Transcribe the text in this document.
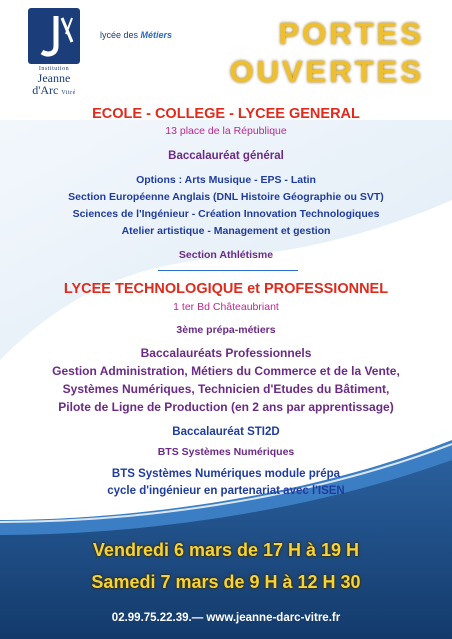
Institution
Jeanne
d'Arc Vitré
lycée des Métiers	PORTES
OUVERTES
ECOLE - COLLEGE - LYCEE GENERAL
13 place de la République
Baccalauréat général
Options : Arts Musique - EPS - Latin
Section Européenne Anglais (DNL Histoire Géographie ou SVT)
Sciences de l'Ingénieur - Création Innovation Technologiques
Atelier artistique - Management et gestion
Section Athlétisme
LYCEE TECHNOLOGIQUE et PROFESSIONNEL
1 ter Bd Châteaubriant
3ème prépa-métiers
Baccalauréats Professionnels
Gestion Administration, Métiers du Commerce et de la Vente,
Systèmes Numériques, Technicien d'Etudes du Bâtiment,
Pilote de Ligne de Production (en 2 ans par apprentissage)
Baccalauréat STI2D
BTS Systèmes Numériques
BTS Systèmes Numériques module prépa
cycle d'ingénieur en partenariat avec l'ISEN
Vendredi 6 mars de 17 H à 19 H
Samedi 7 mars de 9 H à 12 H 30
02.99.75.22.39.— www.jeanne-darc-vitre.fr
